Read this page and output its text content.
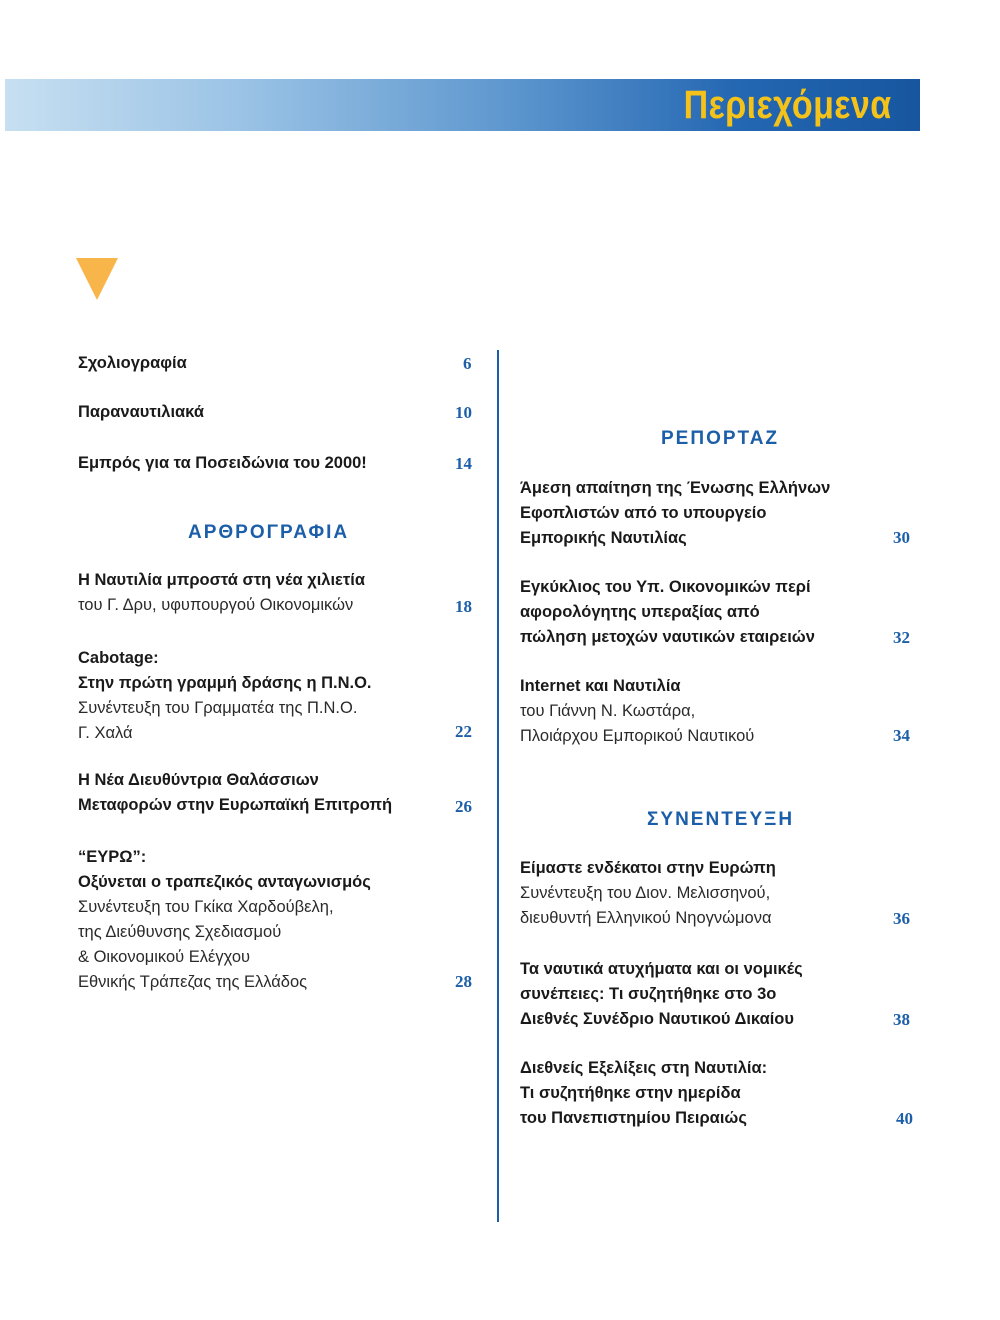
Περιεχόμενα
Σχολιογραφία	6
Παραναυτιλιακά	10
Εμπρός για τα Ποσειδώνια του 2000!	14
ΑΡΘΡΟΓΡΑΦΙΑ
Η Ναυτιλία μπροστά στη νέα χιλιετία
του Γ. Δρυ, υφυπουργού Οικονομικών	18
Cabotage:
Στην πρώτη γραμμή δράσης η Π.Ν.Ο.
Συνέντευξη του Γραμματέα της Π.Ν.Ο.
Γ. Χαλά	22
Η Νέα Διευθύντρια Θαλάσσιων
Μεταφορών στην Ευρωπαϊκή Επιτροπή	26
“ΕΥΡΩ”:
Οξύνεται ο τραπεζικός ανταγωνισμός
Συνέντευξη του Γκίκα Χαρδούβελη,
της Διεύθυνσης Σχεδιασμού
& Οικονομικού Ελέγχου
Εθνικής Τράπεζας της Ελλάδος	28
ΡΕΠΟΡΤΑΖ
Άμεση απαίτηση της Ένωσης Ελλήνων
Εφοπλιστών από το υπουργείο
Εμπορικής Ναυτιλίας	30
Εγκύκλιος του Υπ. Οικονομικών περί
αφορολόγητης υπεραξίας από
πώληση μετοχών ναυτικών εταιρειών	32
Internet και Ναυτιλία
του Γιάννη Ν. Κωστάρα,
Πλοιάρχου Εμπορικού Ναυτικού	34
ΣΥΝΕΝΤΕΥΞΗ
Είμαστε ενδέκατοι στην Ευρώπη
Συνέντευξη του Διον. Μελισσηνού,
διευθυντή Ελληνικού Νηογνώμονα	36
Τα ναυτικά ατυχήματα και οι νομικές
συνέπειες: Τι συζητήθηκε στο 3ο
Διεθνές Συνέδριο Ναυτικού Δικαίου	38
Διεθνείς Εξελίξεις στη Ναυτιλία:
Τι συζητήθηκε στην ημερίδα
του Πανεπιστημίου Πειραιώς	40
